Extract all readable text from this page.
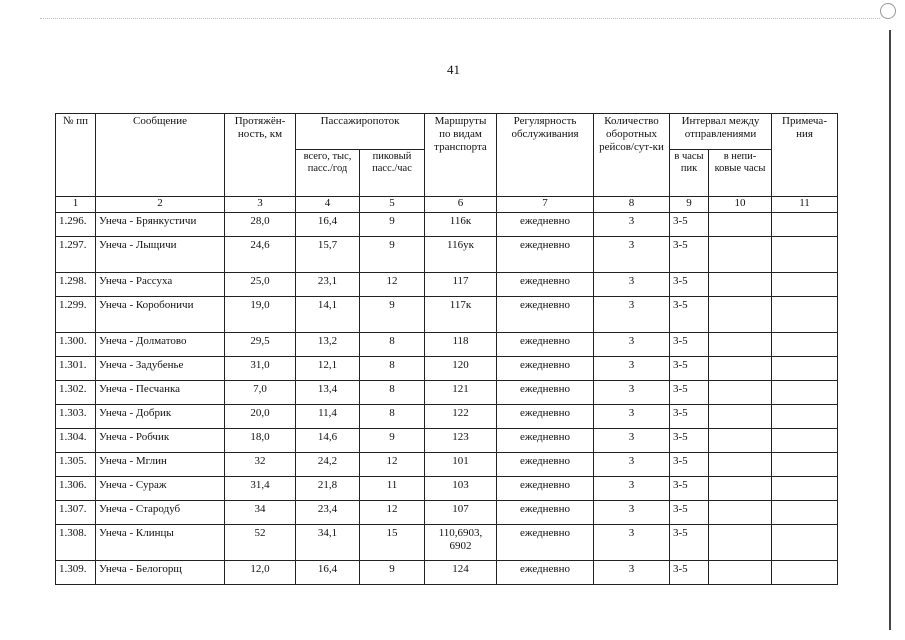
41
№ пп	Сообщение	Протяжён-ность, км	Пассажиропоток		Маршруты по видам транспорта	Регулярность обслуживания	Количество оборотных рейсов/сут-ки	Интервал между отправлениями		Примеча-ния
			всего, тыс, пасс./год	пиковый пасс./час				в часы пик	в непи-ковые часы	
1	2	3	4	5	6	7	8	9	10	11
1.296.	Унеча - Брянкустичи	28,0	16,4	9	116к	ежедневно	3	3-5		
1.297.	Унеча - Лыщичи	24,6	15,7	9	116ук	ежедневно	3	3-5		
1.298.	Унеча - Рассуха	25,0	23,1	12	117	ежедневно	3	3-5		
1.299.	Унеча - Коробоничи	19,0	14,1	9	117к	ежедневно	3	3-5		
1.300.	Унеча - Долматово	29,5	13,2	8	118	ежедневно	3	3-5		
1.301.	Унеча - Задубенье	31,0	12,1	8	120	ежедневно	3	3-5		
1.302.	Унеча - Песчанка	7,0	13,4	8	121	ежедневно	3	3-5		
1.303.	Унеча - Добрик	20,0	11,4	8	122	ежедневно	3	3-5		
1.304.	Унеча - Робчик	18,0	14,6	9	123	ежедневно	3	3-5		
1.305.	Унеча - Мглин	32	24,2	12	101	ежедневно	3	3-5		
1.306.	Унеча - Сураж	31,4	21,8	11	103	ежедневно	3	3-5		
1.307.	Унеча - Стародуб	34	23,4	12	107	ежедневно	3	3-5		
1.308.	Унеча - Клинцы	52	34,1	15	110,6903, 6902	ежедневно	3	3-5		
1.309.	Унеча - Белогорщ	12,0	16,4	9	124	ежедневно	3	3-5		
